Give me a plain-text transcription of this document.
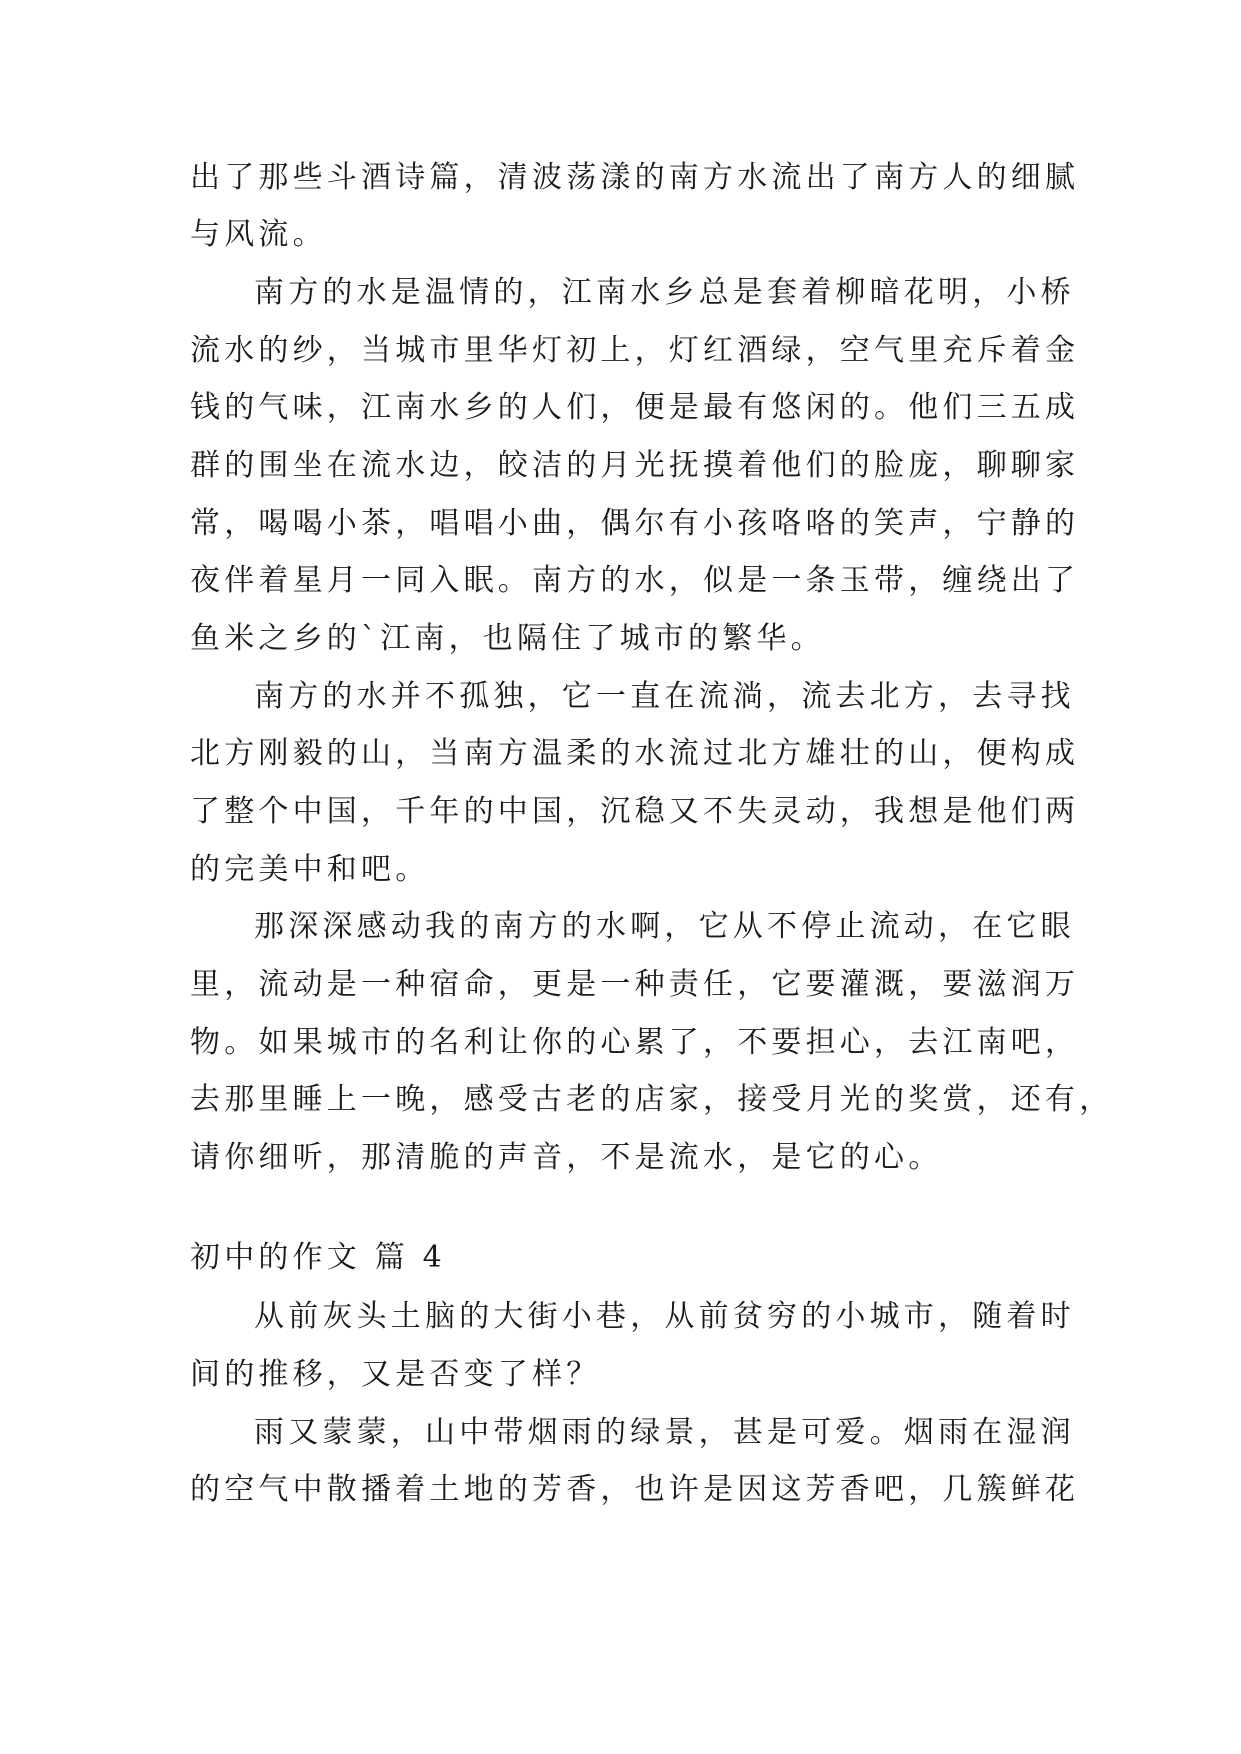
出了那些斗酒诗篇，清波荡漾的南方水流出了南方人的细腻
与风流。
南方的水是温情的，江南水乡总是套着柳暗花明，小桥
流水的纱，当城市里华灯初上，灯红酒绿，空气里充斥着金
钱的气味，江南水乡的人们，便是最有悠闲的。他们三五成
群的围坐在流水边，皎洁的月光抚摸着他们的脸庞，聊聊家
常，喝喝小茶，唱唱小曲，偶尔有小孩咯咯的笑声，宁静的
夜伴着星月一同入眠。南方的水，似是一条玉带，缠绕出了
鱼米之乡的`江南，也隔住了城市的繁华。
南方的水并不孤独，它一直在流淌，流去北方，去寻找
北方刚毅的山，当南方温柔的水流过北方雄壮的山，便构成
了整个中国，千年的中国，沉稳又不失灵动，我想是他们两
的完美中和吧。
那深深感动我的南方的水啊，它从不停止流动，在它眼
里，流动是一种宿命，更是一种责任，它要灌溉，要滋润万
物。如果城市的名利让你的心累了，不要担心，去江南吧，
去那里睡上一晚，感受古老的店家，接受月光的奖赏，还有，
请你细听，那清脆的声音，不是流水，是它的心。
初中的作文 篇 4
从前灰头土脑的大街小巷，从前贫穷的小城市，随着时
间的推移，又是否变了样？
雨又蒙蒙，山中带烟雨的绿景，甚是可爱。烟雨在湿润
的空气中散播着土地的芳香，也许是因这芳香吧，几簇鲜花
